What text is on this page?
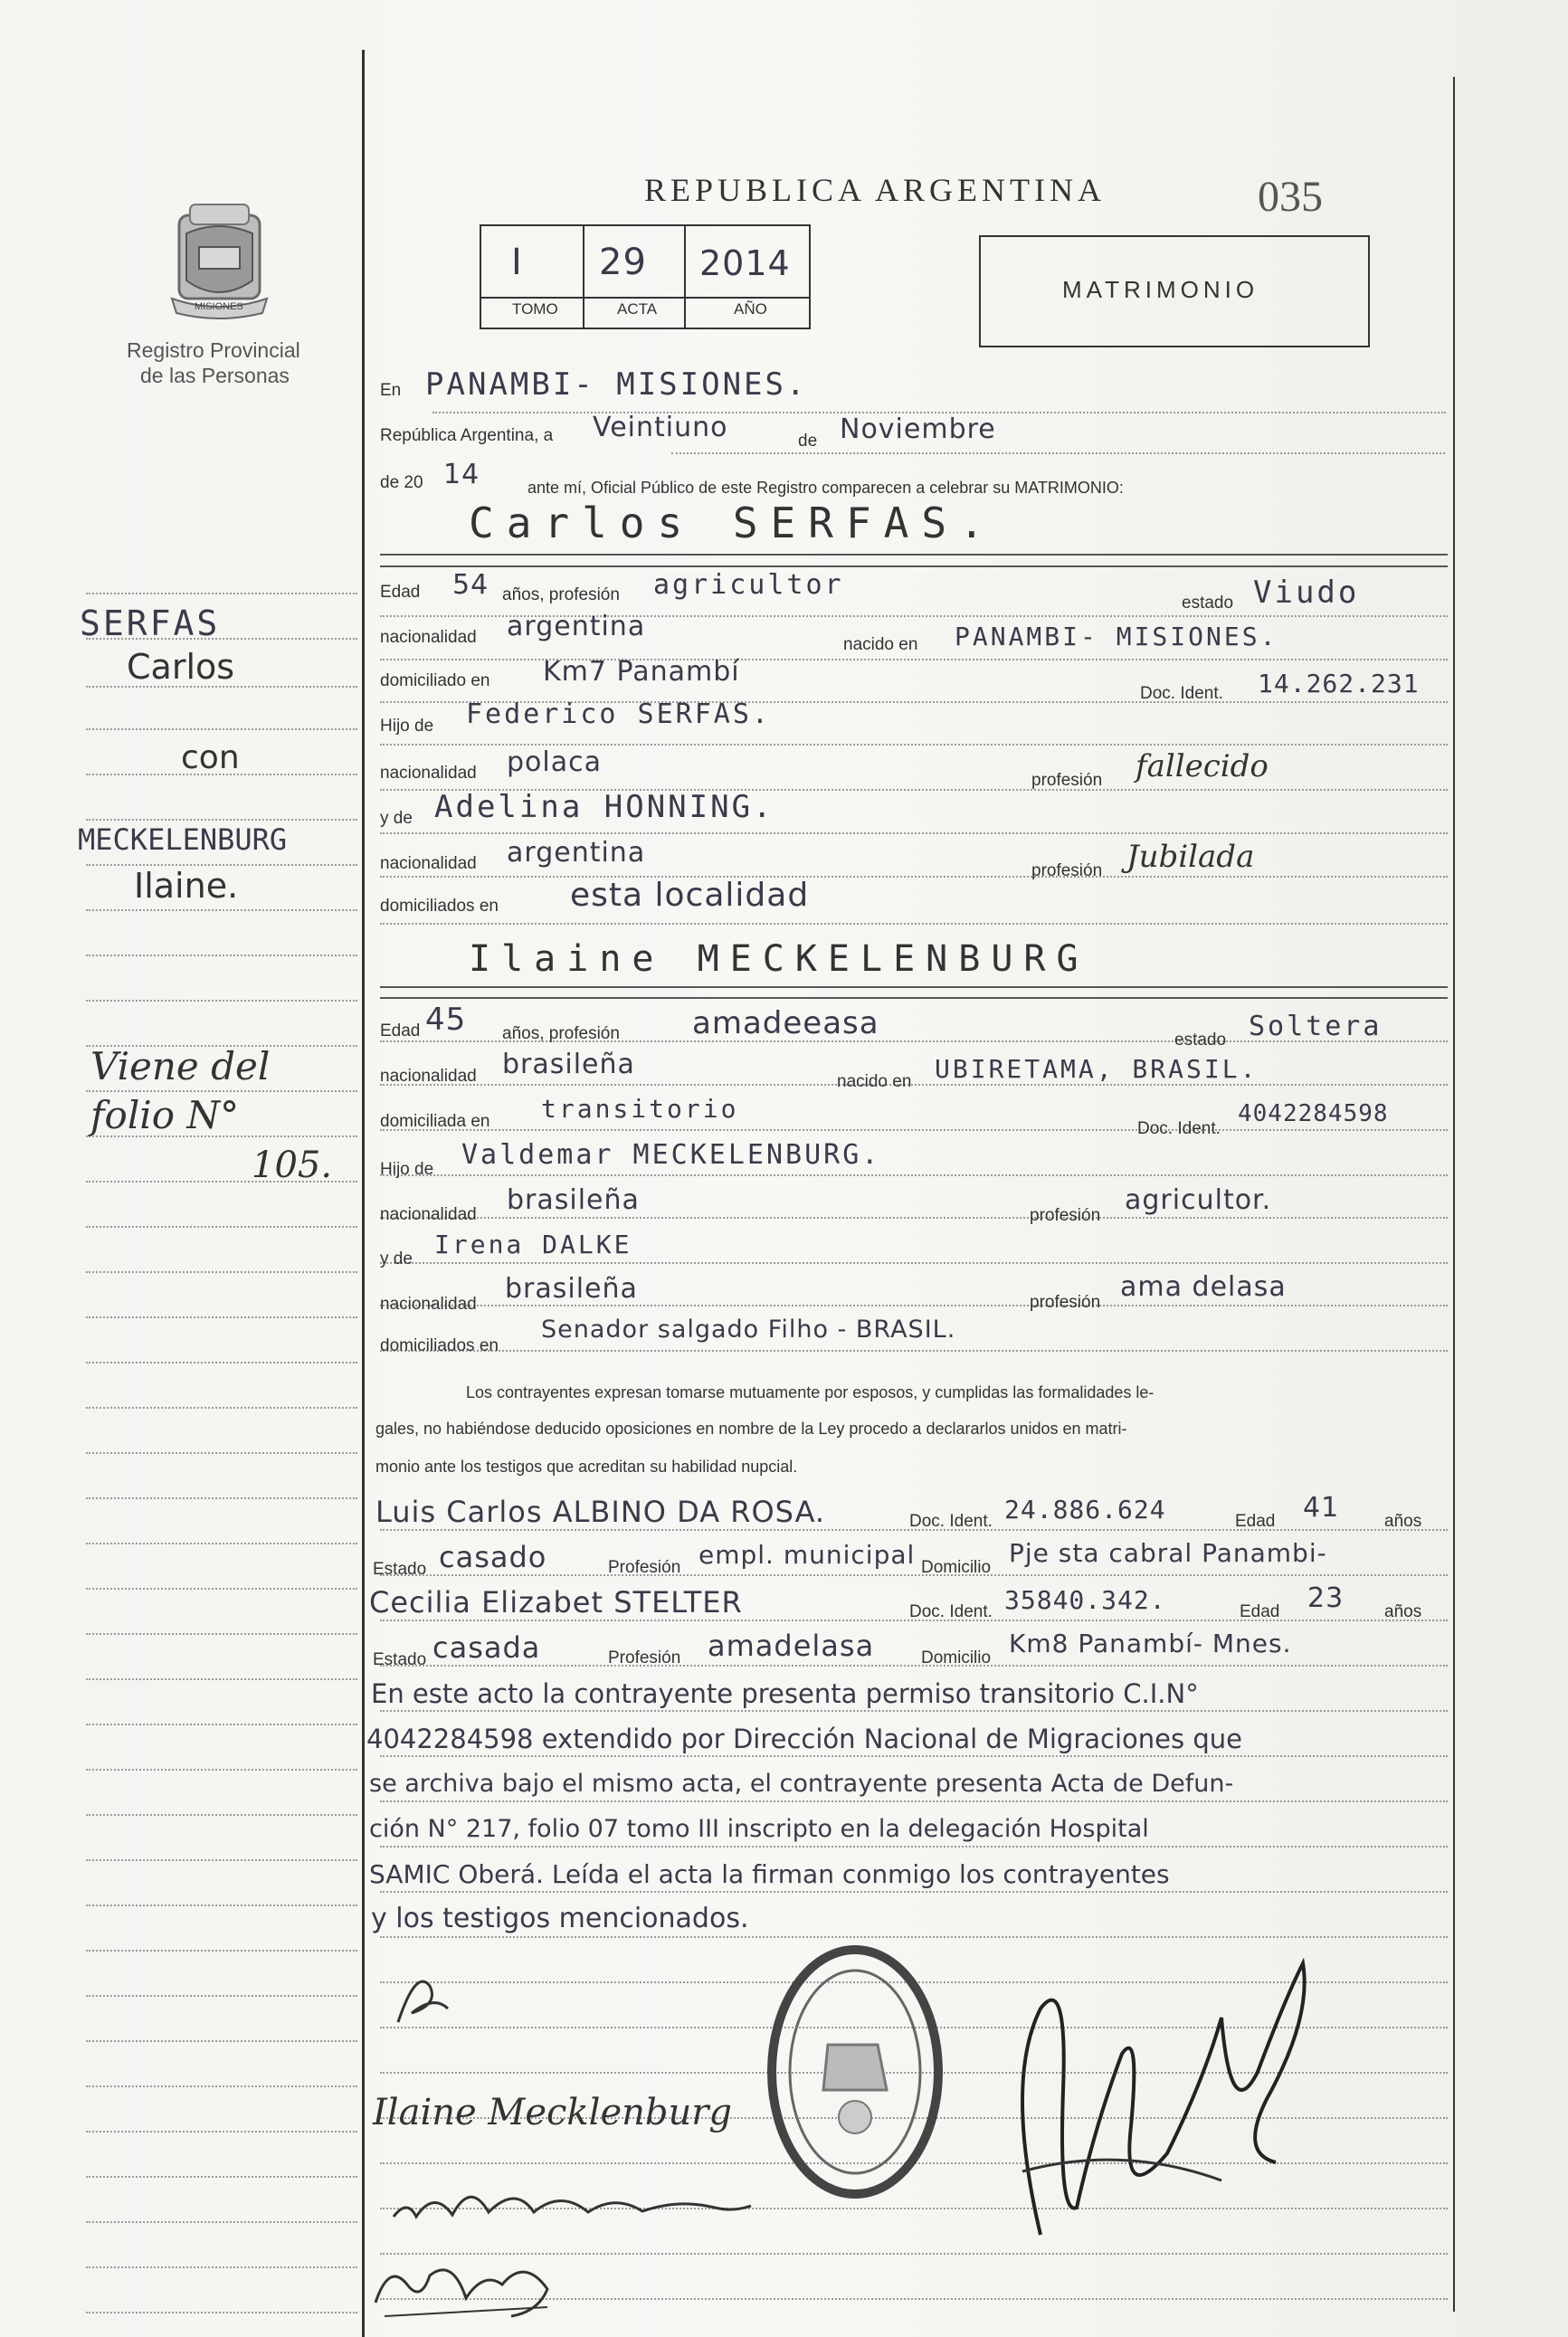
MISIONES
Registro Provincial
de las Personas
REPUBLICA ARGENTINA	035
I 29 2014
TOMO	ACTA	AÑO
MATRIMONIO
SERFAS
Carlos
con
MECKELENBURG
Ilaine.
Viene del
folio N°
105.
En PANAMBI- MISIONES.
República Argentina, a Veintiuno	de Noviembre
de 20 14	ante mí, Oficial Público de este Registro comparecen a celebrar su MATRIMONIO:
Carlos SERFAS.
Edad 54 años, profesión agricultor
estado Viudo
nacionalidad argentina
nacido en PANAMBI- MISIONES.
domiciliado en Km7 Panambí
Doc. Ident. 14.262.231
Hijo de Federico SERFAS.
nacionalidad polaca
profesión fallecido
y de Adelina HONNING.
nacionalidad argentina
profesión Jubilada
domiciliados en esta localidad
Ilaine MECKELENBURG
Edad 45 años, profesión amadeeasa	estado Soltera
nacionalidad brasileña
nacido en UBIRETAMA, BRASIL.
domiciliada en transitorio
Doc. Ident.
4042284598
Hijo de Valdemar MECKELENBURG.
nacionalidad brasileña	profesión agricultor.
y de Irena DALKE
nacionalidad brasileña	profesión ama delasa
domiciliados en
Senador salgado Filho - BRASIL.
Los contrayentes expresan tomarse mutuamente por esposos, y cumplidas las formalidades le-
gales, no habiéndose deducido oposiciones en nombre de la Ley procedo a declararlos unidos en matri-
monio ante los testigos que acreditan su habilidad nupcial.
Luis Carlos ALBINO DA ROSA.	Doc. Ident. 24.886.624	Edad 41	años
Estado casado	Profesión empl. municipal Domicilio Pje sta cabral Panambi-
Cecilia Elizabet STELTER	Doc. Ident. 35840.342.	Edad 23 años
Estado casada	Profesión amadelasa	Domicilio Km8 Panambí- Mnes.
En este acto la contrayente presenta permiso transitorio C.I.N°
4042284598 extendido por Dirección Nacional de Migraciones que
se archiva bajo el mismo acta, el contrayente presenta Acta de Defun-
ción N° 217, folio 07 tomo III inscripto en la delegación Hospital
SAMIC Oberá. Leída el acta la firman conmigo los contrayentes
y los testigos mencionados.
Ilaine Mecklenburg
